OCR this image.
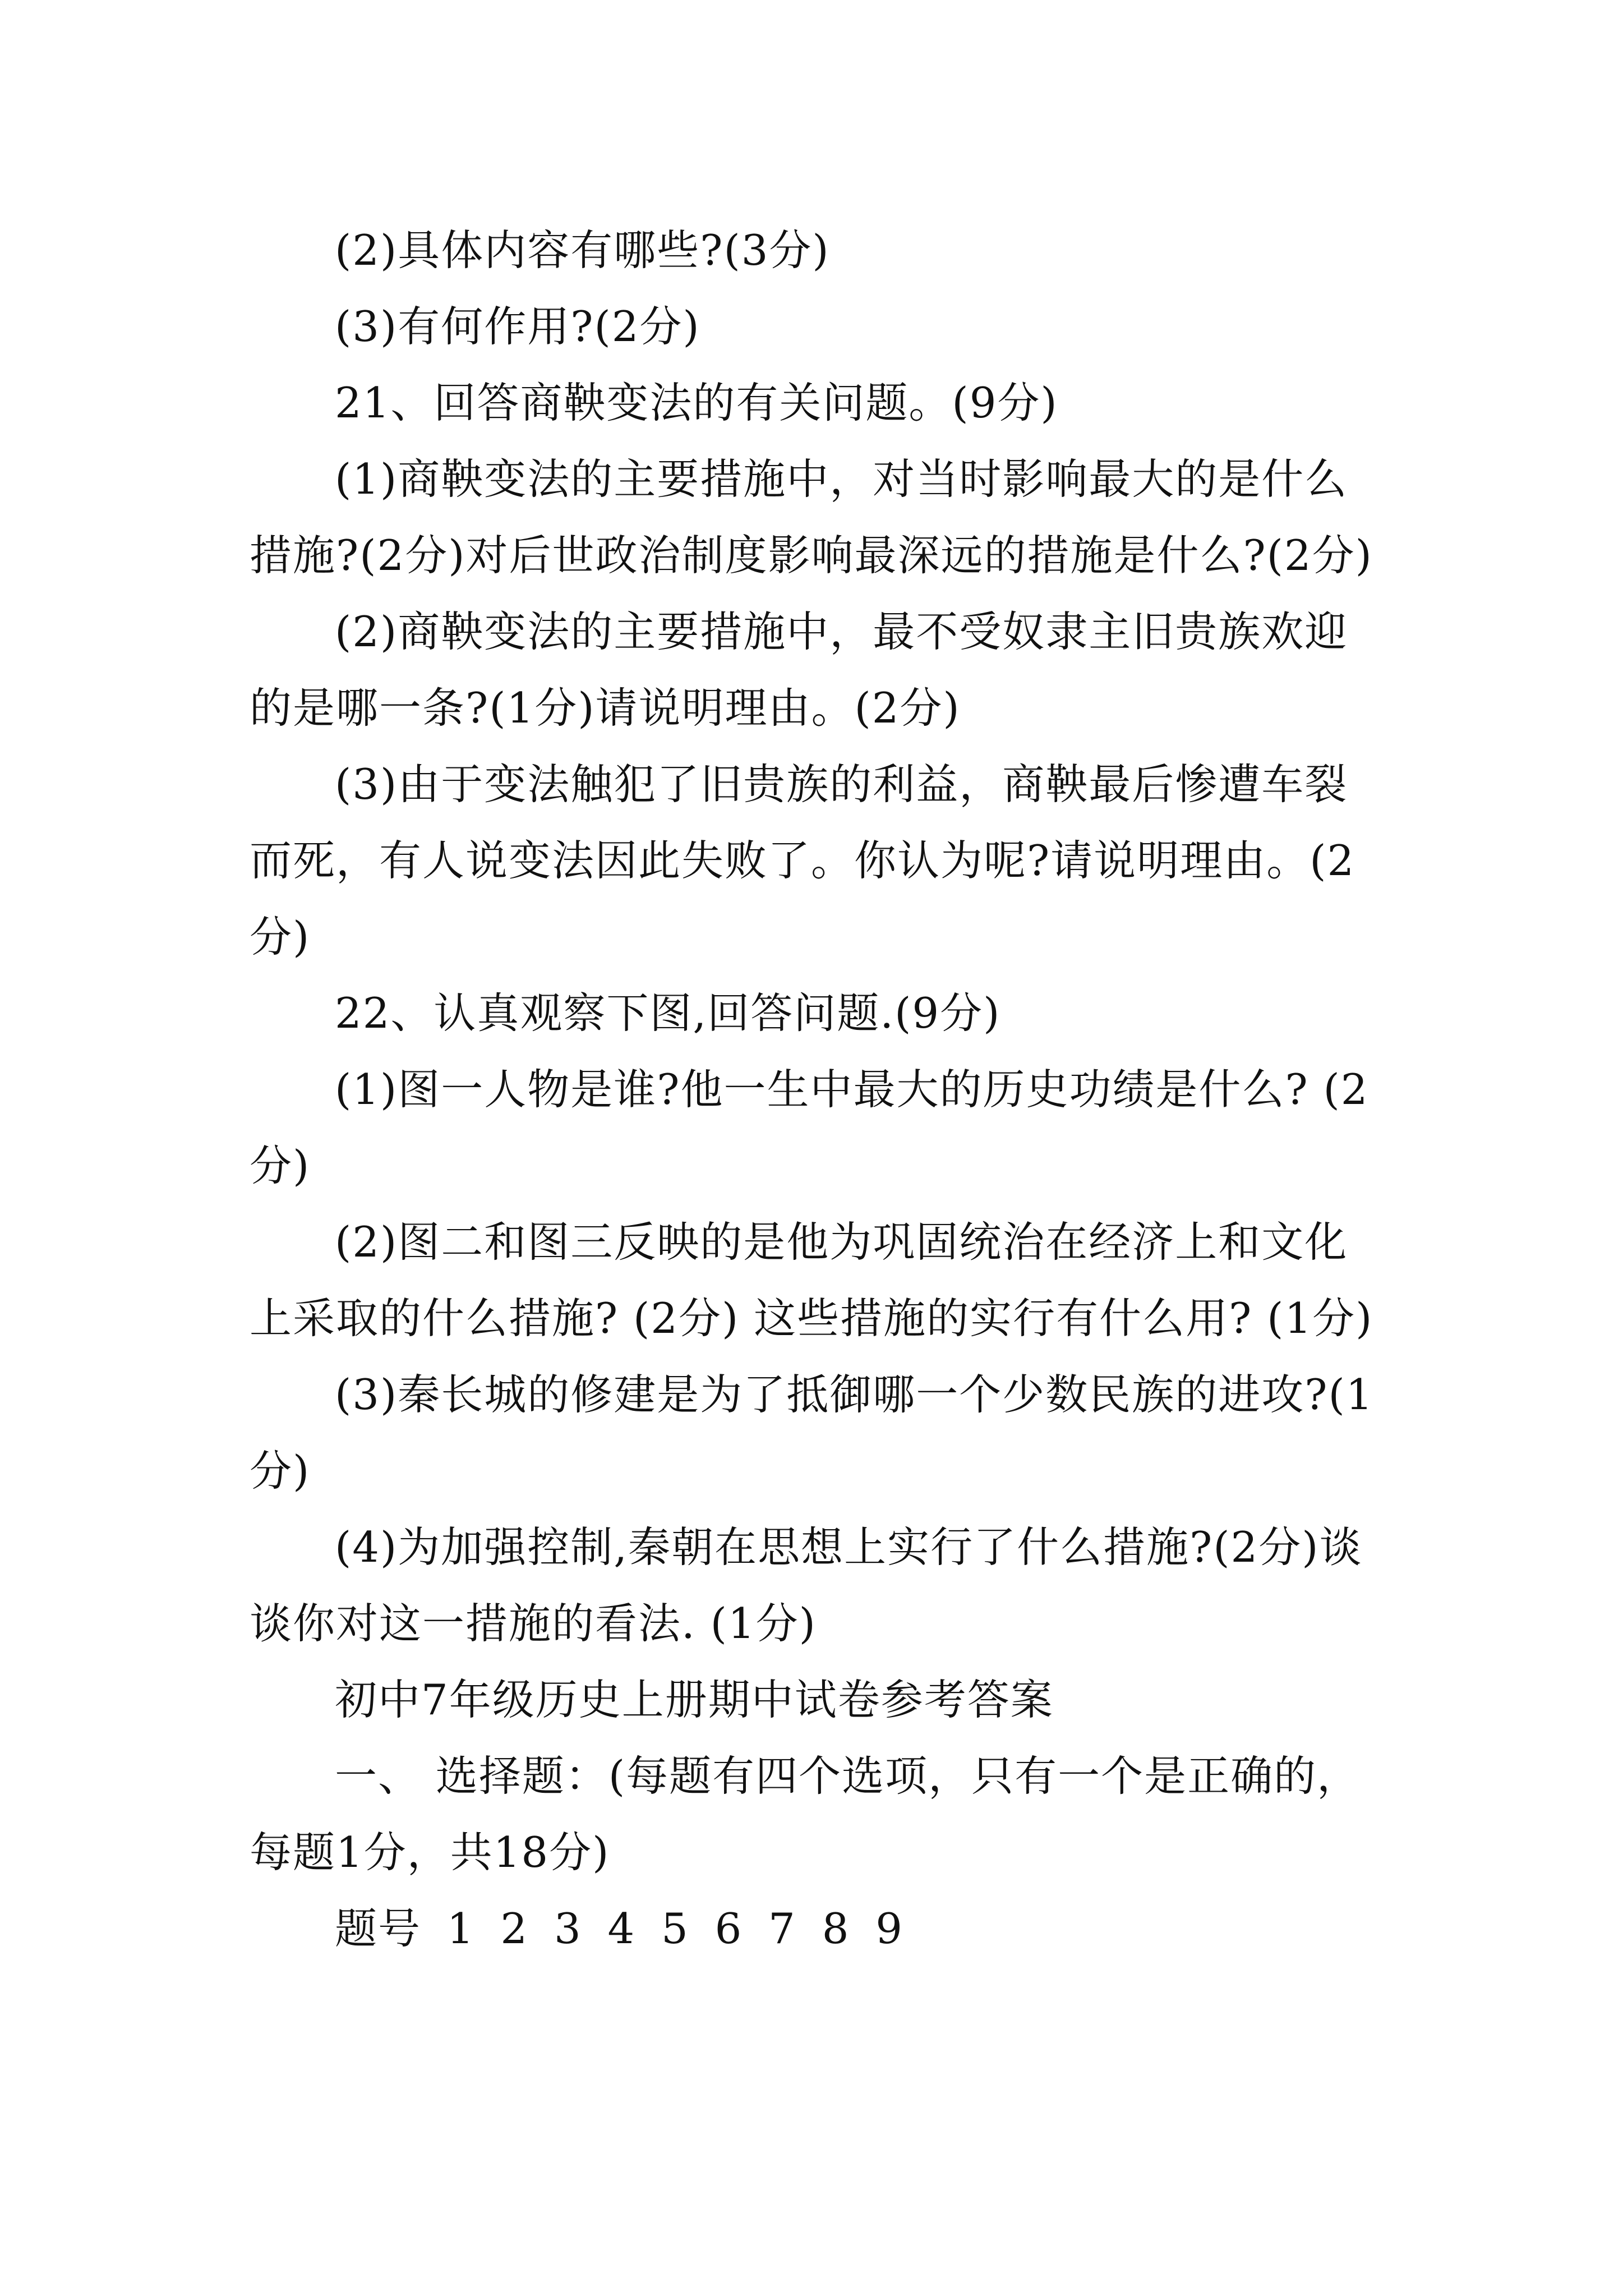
(2)具体内容有哪些?(3分)

(3)有何作用?(2分)

21、回答商鞅变法的有关问题。(9分)

(1)商鞅变法的主要措施中，对当时影响最大的是什么措施?(2分)对后世政治制度影响最深远的措施是什么?(2分)

(2)商鞅变法的主要措施中，最不受奴隶主旧贵族欢迎的是哪一条?(1分)请说明理由。(2分)

(3)由于变法触犯了旧贵族的利益，商鞅最后惨遭车裂而死，有人说变法因此失败了。你认为呢?请说明理由。(2分)

22、认真观察下图,回答问题.(9分)

(1)图一人物是谁?他一生中最大的历史功绩是什么? (2分)

(2)图二和图三反映的是他为巩固统治在经济上和文化上采取的什么措施? (2分) 这些措施的实行有什么用? (1分)

(3)秦长城的修建是为了抵御哪一个少数民族的进攻?(1分)

(4)为加强控制,秦朝在思想上实行了什么措施?(2分)谈谈你对这一措施的看法. (1分)

初中7年级历史上册期中试卷参考答案

一、 选择题：(每题有四个选项，只有一个是正确的，每题1分，共18分)

题号 1 2 3 4 5 6 7 8 9
